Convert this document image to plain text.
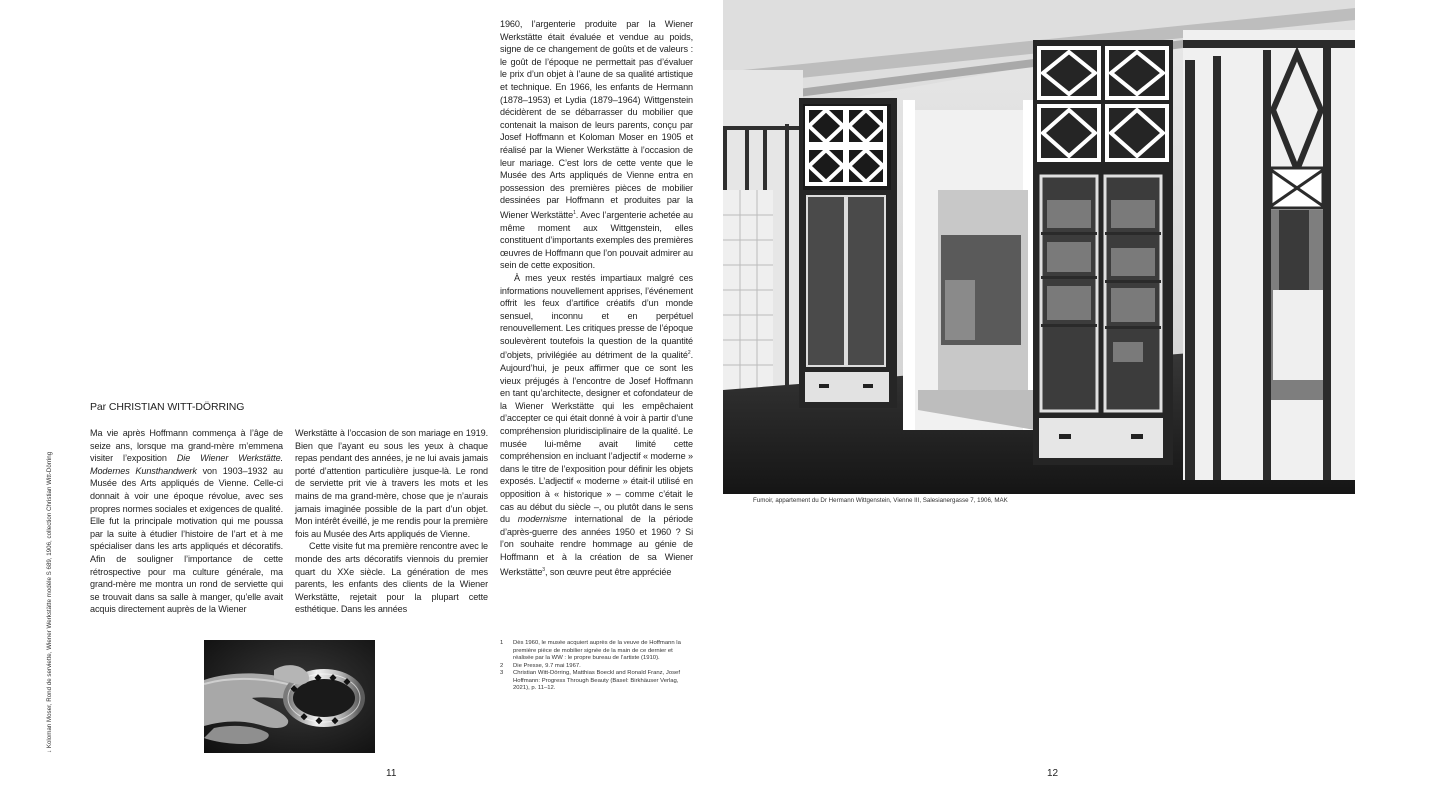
↓ Koloman Moser, Rond de serviette, Wiener Werkstätte modèle S 689, 1906, collection Christian Witt-Dörring
Par CHRISTIAN WITT-DÖRRING

Ma vie après Hoffmann commença à l’âge de seize ans, lorsque ma grand-mère m’emmena visiter l’exposition Die Wiener Werkstätte. Modernes Kunsthandwerk von 1903–1932 au Musée des Arts appliqués de Vienne. Celle-ci donnait à voir une époque révolue, avec ses propres normes sociales et exigences de qualité. Elle fut la principale motivation qui me poussa par la suite à étudier l’histoire de l’art et à me spécialiser dans les arts appliqués et décoratifs. Afin de souligner l’importance de cette rétrospective pour ma culture générale, ma grand-mère me montra un rond de serviette qui se trouvait dans sa salle à manger, qu’elle avait acquis directement auprès de la Wiener

Werkstätte à l’occasion de son mariage en 1919. Bien que l’ayant eu sous les yeux à chaque repas pendant des années, je ne lui avais jamais porté d’attention particulière jusque-là. Le rond de serviette prit vie à travers les mots et les mains de ma grand-mère, chose que je n’aurais jamais imaginée possible de la part d’un objet. Mon intérêt éveillé, je me rendis pour la première fois au Musée des Arts appliqués de Vienne.

Cette visite fut ma première rencontre avec le monde des arts décoratifs viennois du premier quart du XXe siècle. La génération de mes parents, les enfants des clients de la Wiener Werkstätte, rejetait pour la plupart cette esthétique. Dans les années

1960, l’argenterie produite par la Wiener Werkstätte était évaluée et vendue au poids, signe de ce changement de goûts et de valeurs : le goût de l’époque ne permettait pas d’évaluer le prix d’un objet à l’aune de sa qualité artistique et technique. En 1966, les enfants de Hermann (1878–1953) et Lydia (1879–1964) Wittgenstein décidèrent de se débarrasser du mobilier que contenait la maison de leurs parents, conçu par Josef Hoffmann et Koloman Moser en 1905 et réalisé par la Wiener Werkstätte à l’occasion de leur mariage. C’est lors de cette vente que le Musée des Arts appliqués de Vienne entra en possession des premières pièces de mobilier dessinées par Hoffmann et produites par la Wiener Werkstätte$^1$. Avec l’argenterie achetée au même moment aux Wittgenstein, elles constituent d’importants exemples des premières œuvres de Hoffmann que l’on pouvait admirer au sein de cette exposition.

À mes yeux restés impartiaux malgré ces informations nouvellement apprises, l’événement offrit les feux d’artifice créatifs d’un monde sensuel, inconnu et en perpétuel renouvellement. Les critiques presse de l’époque soulevèrent toutefois la question de la quantité d’objets, privilégiée au détriment de la qualité$^2$. Aujourd’hui, je peux affirmer que ce sont les vieux préjugés à l’encontre de Josef Hoffmann en tant qu’architecte, designer et cofondateur de la Wiener Werkstätte qui les empêchaient d’accepter ce qui était donné à voir à partir d’une compréhension pluridisciplinaire de la qualité. Le musée lui-même avait limité cette compréhension en incluant l’adjectif « moderne » dans le titre de l’exposition pour définir les objets exposés. L’adjectif « moderne » était-il utilisé en opposition à « historique » – comme c’était le cas au début du siècle –, ou plutôt dans le sens du modernisme international de la période d’après-guerre des années 1950 et 1960 ? Si l’on souhaite rendre hommage au génie de Hoffmann et à la création de sa Wiener Werkstätte$^3$, son œuvre peut être appréciée

1	Dès 1960, le musée acquiert auprès de la veuve de Hoffmann la première pièce de mobilier signée de la main de ce dernier et réalisée par la WW : le propre bureau de l’artiste (1910).
2	Die Presse, 9.7 mai 1967.
3	Christian Witt-Dörring, Matthias Boeckl and Ronald Franz, Josef Hoffmann: Progress Through Beauty (Basel: Birkhäuser Verlag, 2021), p. 11–12.
Fumoir, appartement du Dr Hermann Wittgenstein, Vienne III, Salesianergasse 7, 1906, MAK
11	12
